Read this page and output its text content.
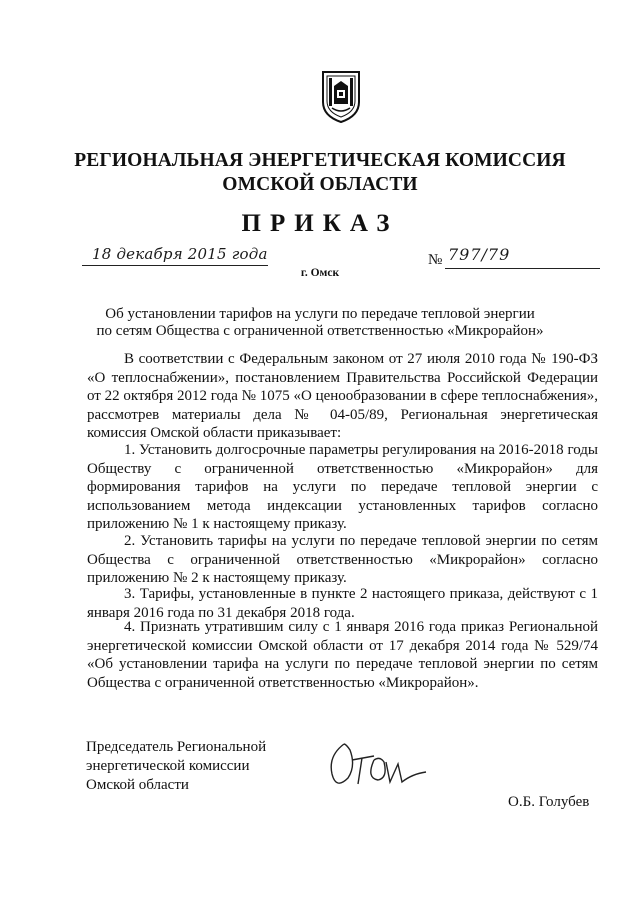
РЕГИОНАЛЬНАЯ ЭНЕРГЕТИЧЕСКАЯ КОМИССИЯ
ОМСКОЙ ОБЛАСТИ
ПРИКАЗ
18 декабря 2015 года	№ 797/79
г. Омск
Об установлении тарифов на услуги по передаче тепловой энергии
по сетям Общества с ограниченной ответственностью «Микрорайон»

В соответствии с Федеральным законом от 27 июля 2010 года № 190-ФЗ «О теплоснабжении», постановлением Правительства Российской Федерации от 22 октября 2012 года № 1075 «О ценообразовании в сфере теплоснабжения», рассмотрев материалы дела № 04-05/89, Региональная энергетическая комиссия Омской области приказывает:

1. Установить долгосрочные параметры регулирования на 2016-2018 годы Обществу с ограниченной ответственностью «Микрорайон» для формирования тарифов на услуги по передаче тепловой энергии с использованием метода индексации установленных тарифов согласно приложению № 1 к настоящему приказу.

2. Установить тарифы на услуги по передаче тепловой энергии по сетям Общества с ограниченной ответственностью «Микрорайон» согласно приложению № 2 к настоящему приказу.

3. Тарифы, установленные в пункте 2 настоящего приказа, действуют с 1 января 2016 года по 31 декабря 2018 года.

4. Признать утратившим силу с 1 января 2016 года приказ Региональной энергетической комиссии Омской области от 17 декабря 2014 года № 529/74 «Об установлении тарифа на услуги по передаче тепловой энергии по сетям Общества с ограниченной ответственностью «Микрорайон».

Председатель Региональной
энергетической комиссии
Омской области
О.Б. Голубев
